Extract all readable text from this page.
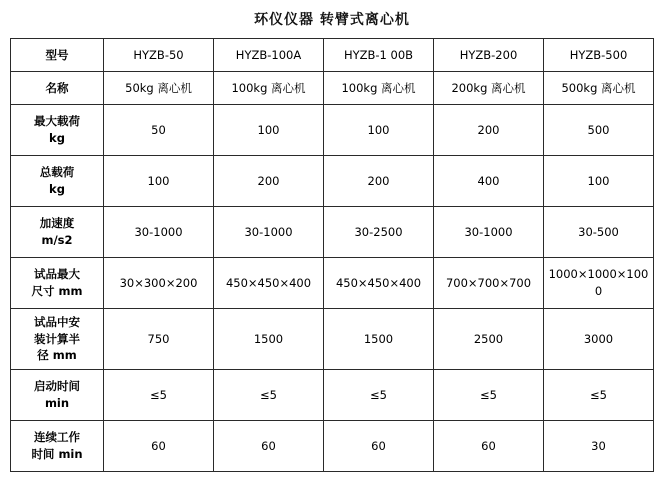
环仪仪器 转臂式离心机
型号	HYZB-50	HYZB-100A	HYZB-1 00B	HYZB-200	HYZB-500
名称	50kg 离心机	100kg 离心机	100kg 离心机	200kg 离心机	500kg 离心机

最大载荷
kg	50	100	100	200	500

总载荷
kg	100	200	200	400	100

加速度
m/s2	30-1000	30-1000	30-2500	30-1000	30-500

试品最大
尺寸 mm	30×300×200	450×450×400	450×450×400	700×700×700	1000×1000×1000

试品中安
装计算半
径 mm	750	1500	1500	2500	3000

启动时间
min	≤5	≤5	≤5	≤5	≤5

连续工作
时间 min	60	60	60	60	30
